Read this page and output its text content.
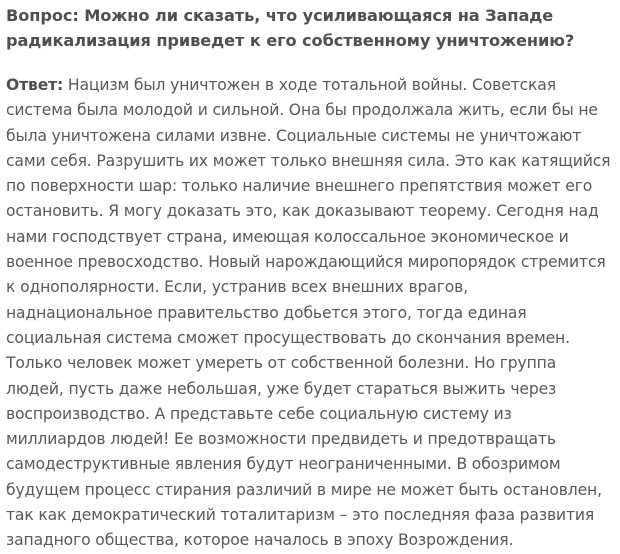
Вопрос: Можно ли сказать, что усиливающаяся на Западе
радикализация приведет к его собственному уничтожению?

Ответ: Нацизм был уничтожен в ходе тотальной войны. Советская
система была молодой и сильной. Она бы продолжала жить, если бы не
была уничтожена силами извне. Социальные системы не уничтожают
сами себя. Разрушить их может только внешняя сила. Это как катящийся
по поверхности шар: только наличие внешнего препятствия может его
остановить. Я могу доказать это, как доказывают теорему. Сегодня над
нами господствует страна, имеющая колоссальное экономическое и
военное превосходство. Новый нарождающийся миропорядок стремится
к однополярности. Если, устранив всех внешних врагов,
наднациональное правительство добьется этого, тогда единая
социальная система сможет просуществовать до скончания времен.
Только человек может умереть от собственной болезни. Но группа
людей, пусть даже небольшая, уже будет стараться выжить через
воспроизводство. А представьте себе социальную систему из
миллиардов людей! Ее возможности предвидеть и предотвращать
самодеструктивные явления будут неограниченными. В обозримом
будущем процесс стирания различий в мире не может быть остановлен,
так как демократический тоталитаризм – это последняя фаза развития
западного общества, которое началось в эпоху Возрождения.
